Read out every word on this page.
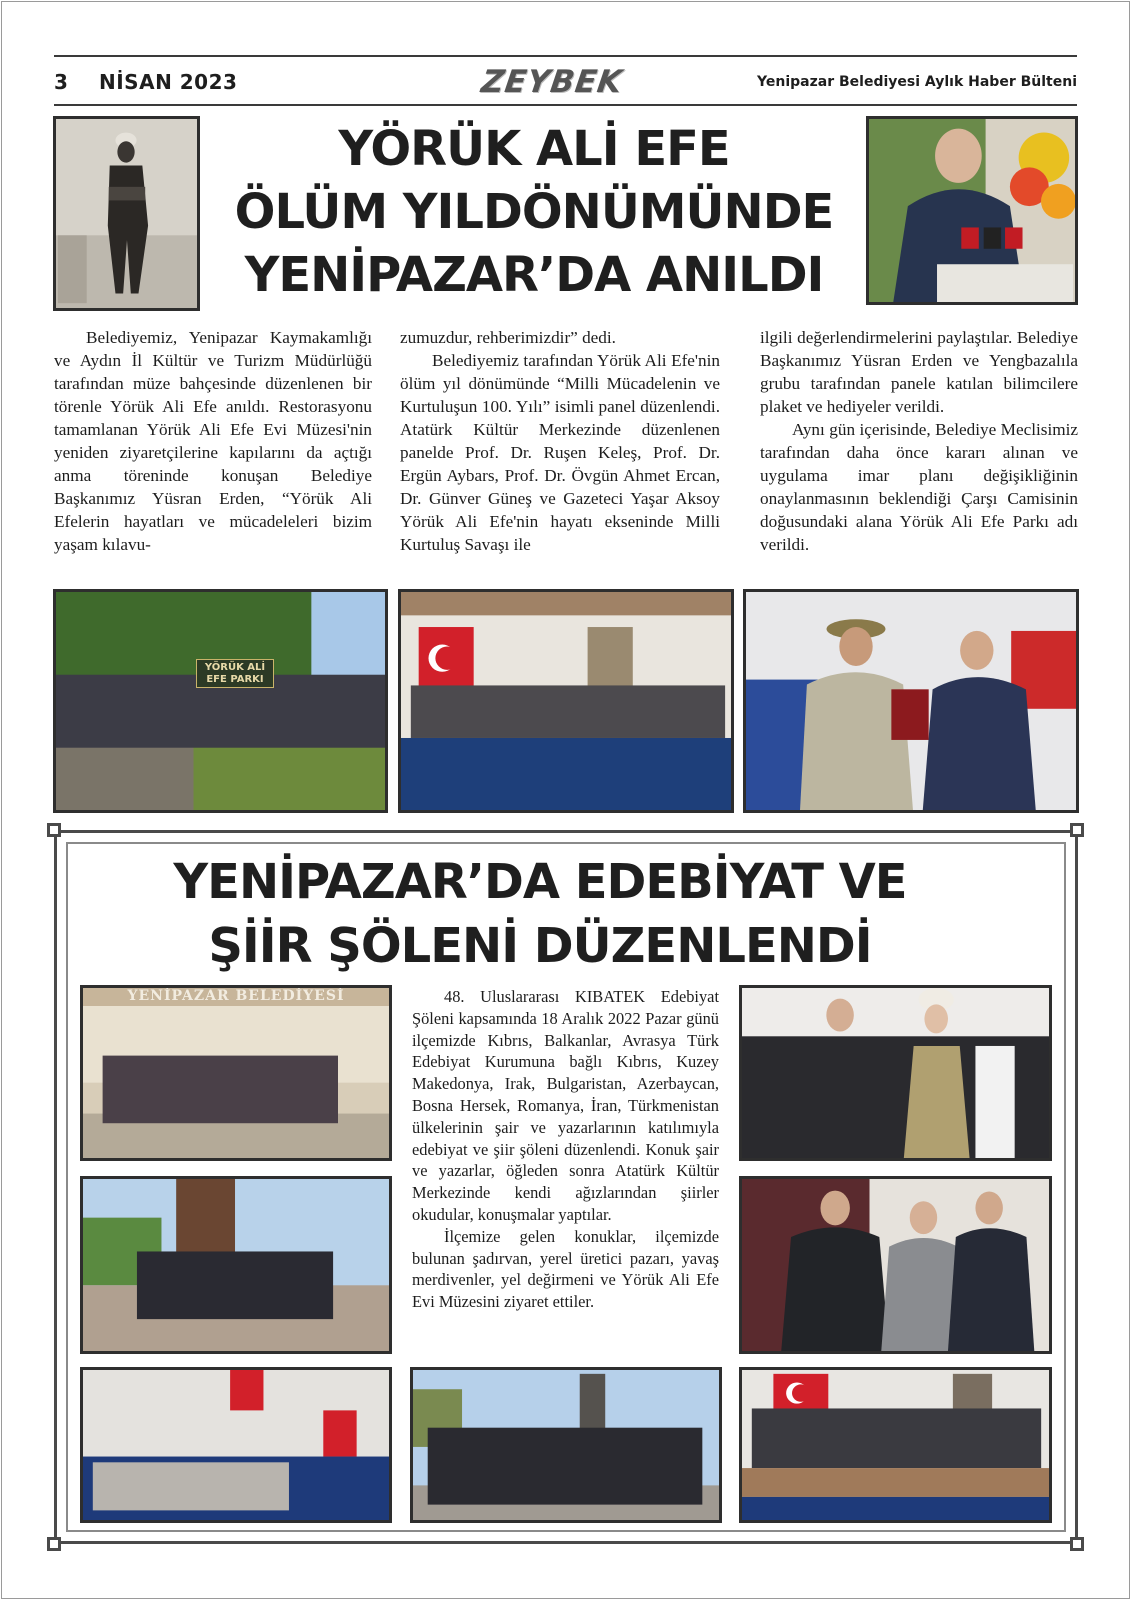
3 NİSAN 2023	ZEYBEK	Yenipazar Belediyesi Aylık Haber Bülteni
YÖRÜK ALİ EFE
ÖLÜM YILDÖNÜMÜNDE
YENİPAZAR’DA ANILDI

Belediyemiz, Yenipazar Kaymakamlığı ve Aydın İl Kültür ve Turizm Müdürlüğü tarafından müze bahçesinde düzenlenen bir törenle Yörük Ali Efe anıldı. Restorasyonu tamamlanan Yörük Ali Efe Evi Müzesi'nin yeniden ziyaretçilerine kapılarını da açtığı anma töreninde konuşan Belediye Başkanımız Yüsran Erden, “Yörük Ali Efelerin hayatları ve mücadeleleri bizim yaşam kılavu-

zumuzdur, rehberimizdir” dedi.

Belediyemiz tarafından Yörük Ali Efe'nin ölüm yıl dönümünde “Milli Mücadelenin ve Kurtuluşun 100. Yılı” isimli panel düzenlendi. Atatürk Kültür Merkezinde düzenlenen panelde Prof. Dr. Ruşen Keleş, Prof. Dr. Ergün Aybars, Prof. Dr. Övgün Ahmet Ercan, Dr. Günver Güneş ve Gazeteci Yaşar Aksoy Yörük Ali Efe'nin hayatı ekseninde Milli Kurtuluş Savaşı ile

ilgili değerlendirmelerini paylaştılar. Belediye Başkanımız Yüsran Erden ve Yengbazalıla grubu tarafından panele katılan bilimcilere plaket ve hediyeler verildi.

Aynı gün içerisinde, Belediye Meclisimiz tarafından daha önce kararı alınan ve uygulama imar planı değişikliğinin onaylanmasının beklendiği Çarşı Camisinin doğusundaki alana Yörük Ali Efe Parkı adı verildi.

YÖRÜK ALİ EFE PARKI
YENİPAZAR’DA EDEBİYAT VE
ŞİİR ŞÖLENİ DÜZENLENDİ
YENİPAZAR BELEDİYESİ	48. Uluslararası KIBATEK Edebiyat Şöleni kapsamında 18 Aralık 2022 Pazar günü ilçemizde Kıbrıs, Balkanlar, Avrasya Türk Edebiyat Kurumuna bağlı Kıbrıs, Kuzey Makedonya, Irak, Bulgaristan, Azerbaycan, Bosna Hersek, Romanya, İran, Türkmenistan ülkelerinin şair ve yazarlarının katılımıyla edebiyat ve şiir şöleni düzenlendi. Konuk şair ve yazarlar, öğleden sonra Atatürk Kültür Merkezinde kendi ağızlarından şiirler okudular, konuşmalar yaptılar.

İlçemize gelen konuklar, ilçemizde bulunan şadırvan, yerel üretici pazarı, yavaş merdivenler, yel değirmeni ve Yörük Ali Efe Evi Müzesini ziyaret ettiler.
